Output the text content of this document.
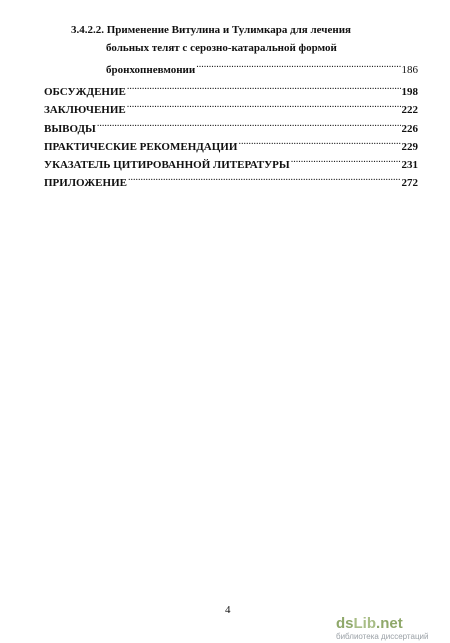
3.4.2.2. Применение Витулина и Тулимкара для лечения
больных телят с серозно-катаральной формой
бронхопневмонии .....	186
ОБСУЖДЕНИЕ .....	198
ЗАКЛЮЧЕНИЕ .....	222
ВЫВОДЫ .....	226
ПРАКТИЧЕСКИЕ РЕКОМЕНДАЦИИ .....	229
УКАЗАТЕЛЬ ЦИТИРОВАННОЙ ЛИТЕРАТУРЫ .....	231
ПРИЛОЖЕНИЕ .....	272
4
dsLib.net
библиотека диссертаций
